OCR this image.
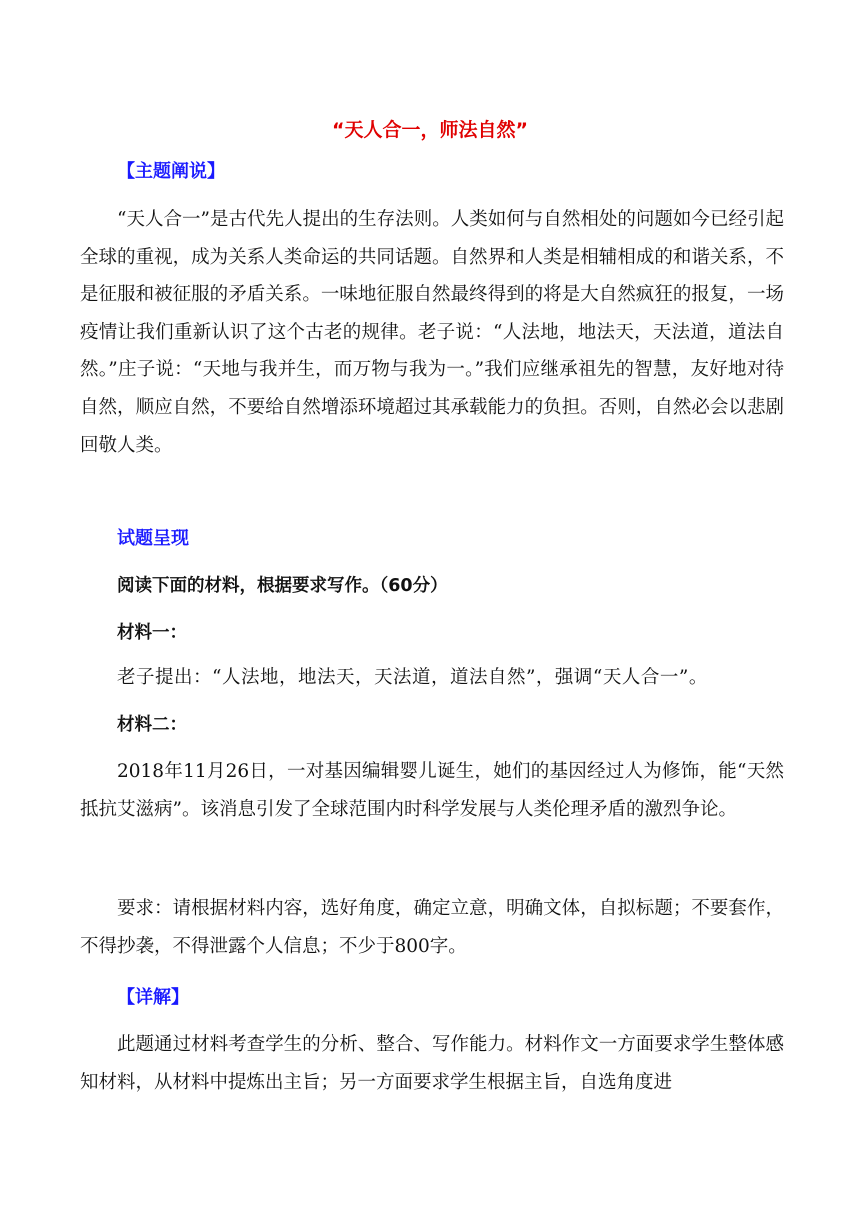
“天人合一，师法自然”
【主题阐说】
“天人合一”是古代先人提出的生存法则。人类如何与自然相处的问题如今已经引起全球的重视，成为关系人类命运的共同话题。自然界和人类是相辅相成的和谐关系，不是征服和被征服的矛盾关系。一味地征服自然最终得到的将是大自然疯狂的报复，一场疫情让我们重新认识了这个古老的规律。老子说：“人法地，地法天，天法道，道法自然。”庄子说：“天地与我并生，而万物与我为一。”我们应继承祖先的智慧，友好地对待自然，顺应自然，不要给自然增添环境超过其承载能力的负担。否则，自然必会以悲剧回敬人类。
试题呈现
阅读下面的材料，根据要求写作。（60分）
材料一：
老子提出：“人法地，地法天，天法道，道法自然”，强调“天人合一”。
材料二：
2018年11月26日，一对基因编辑婴儿诞生，她们的基因经过人为修饰，能“天然抵抗艾滋病”。该消息引发了全球范围内时科学发展与人类伦理矛盾的激烈争论。
要求：请根据材料内容，选好角度，确定立意，明确文体，自拟标题；不要套作，不得抄袭，不得泄露个人信息；不少于800字。
【详解】
此题通过材料考查学生的分析、整合、写作能力。材料作文一方面要求学生整体感知材料，从材料中提炼出主旨；另一方面要求学生根据主旨，自选角度进
